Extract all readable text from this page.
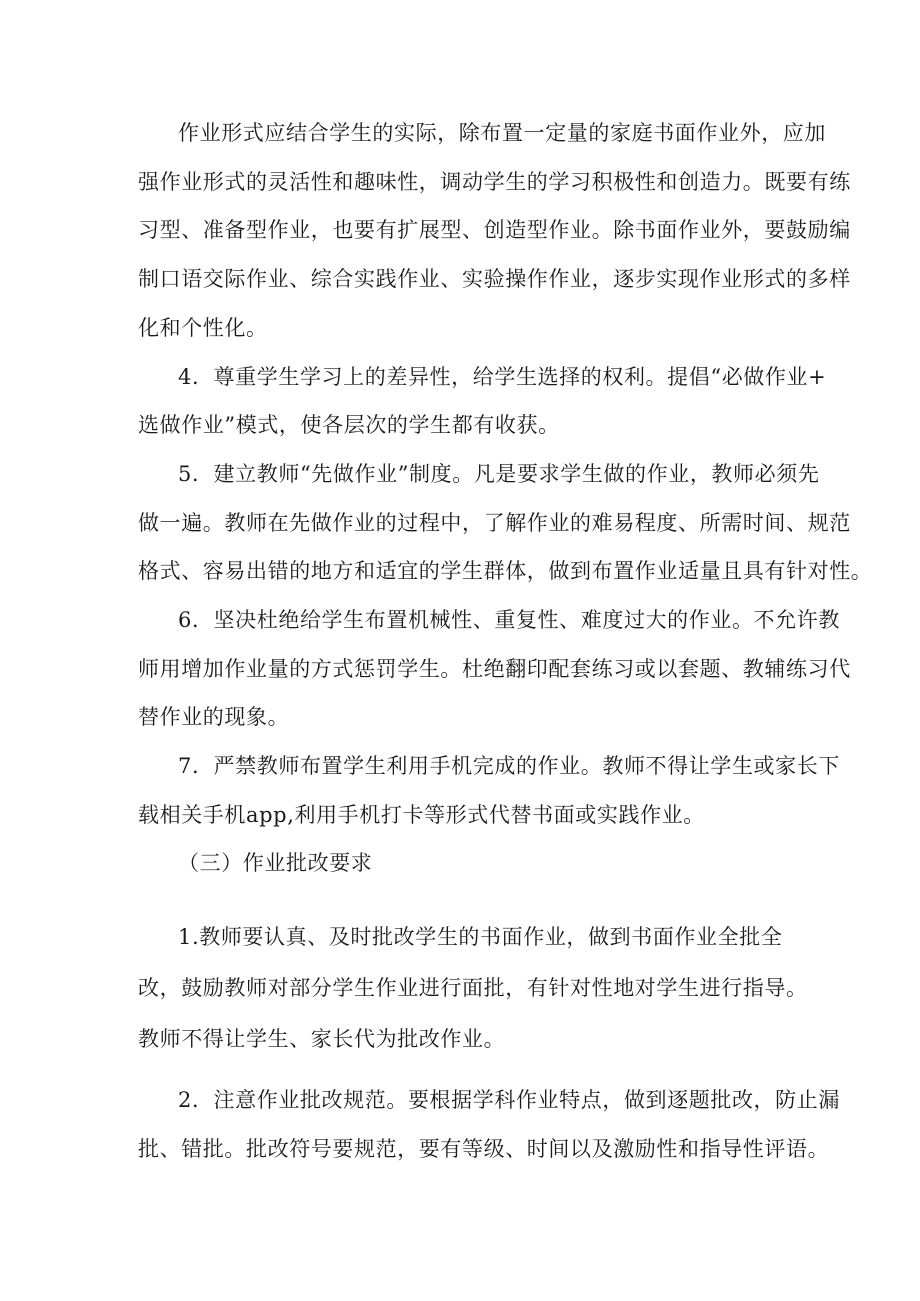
作业形式应结合学生的实际，除布置一定量的家庭书面作业外，应加
强作业形式的灵活性和趣味性，调动学生的学习积极性和创造力。既要有练
习型、准备型作业，也要有扩展型、创造型作业。除书面作业外，要鼓励编
制口语交际作业、综合实践作业、实验操作作业，逐步实现作业形式的多样
化和个性化。
4．尊重学生学习上的差异性，给学生选择的权利。提倡“必做作业+
选做作业”模式，使各层次的学生都有收获。
5．建立教师“先做作业”制度。凡是要求学生做的作业，教师必须先
做一遍。教师在先做作业的过程中，了解作业的难易程度、所需时间、规范
格式、容易出错的地方和适宜的学生群体，做到布置作业适量且具有针对性。
6．坚决杜绝给学生布置机械性、重复性、难度过大的作业。不允许教
师用增加作业量的方式惩罚学生。杜绝翻印配套练习或以套题、教辅练习代
替作业的现象。
7．严禁教师布置学生利用手机完成的作业。教师不得让学生或家长下
载相关手机app,利用手机打卡等形式代替书面或实践作业。
（三）作业批改要求
1.教师要认真、及时批改学生的书面作业，做到书面作业全批全
改，鼓励教师对部分学生作业进行面批，有针对性地对学生进行指导。
教师不得让学生、家长代为批改作业。
2．注意作业批改规范。要根据学科作业特点，做到逐题批改，防止漏
批、错批。批改符号要规范，要有等级、时间以及激励性和指导性评语。
